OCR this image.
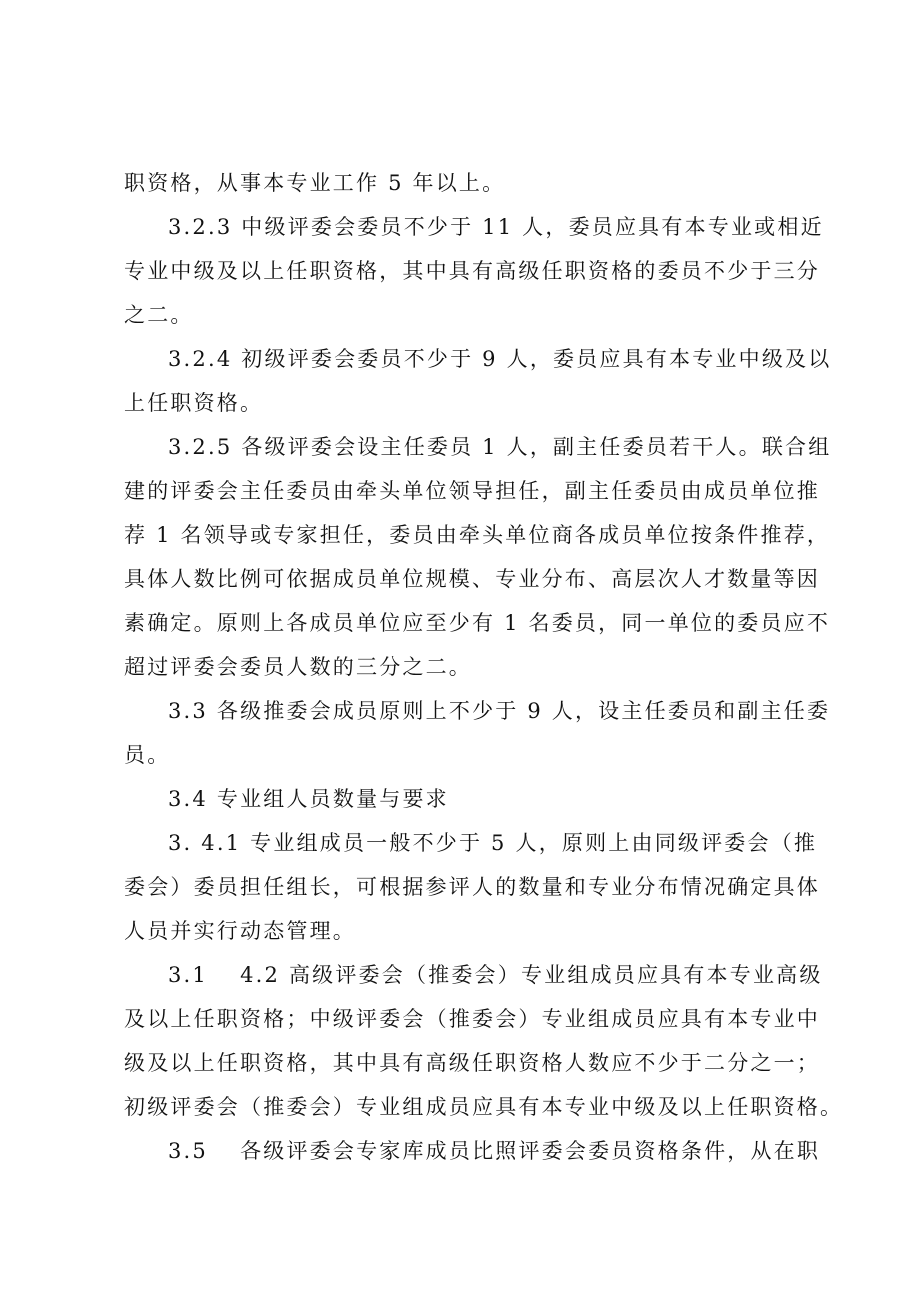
职资格，从事本专业工作 5 年以上。
3.2.3 中级评委会委员不少于 11 人，委员应具有本专业或相近
专业中级及以上任职资格，其中具有高级任职资格的委员不少于三分
之二。
3.2.4 初级评委会委员不少于 9 人，委员应具有本专业中级及以
上任职资格。
3.2.5 各级评委会设主任委员 1 人，副主任委员若干人。联合组
建的评委会主任委员由牵头单位领导担任，副主任委员由成员单位推
荐 1 名领导或专家担任，委员由牵头单位商各成员单位按条件推荐，
具体人数比例可依据成员单位规模、专业分布、高层次人才数量等因
素确定。原则上各成员单位应至少有 1 名委员，同一单位的委员应不
超过评委会委员人数的三分之二。
3.3 各级推委会成员原则上不少于 9 人，设主任委员和副主任委
员。
3.4 专业组人员数量与要求
3. 4.1 专业组成员一般不少于 5 人，原则上由同级评委会（推
委会）委员担任组长，可根据参评人的数量和专业分布情况确定具体
人员并实行动态管理。
3.1　 4.2 高级评委会（推委会）专业组成员应具有本专业高级
及以上任职资格；中级评委会（推委会）专业组成员应具有本专业中
级及以上任职资格，其中具有高级任职资格人数应不少于二分之一；
初级评委会（推委会）专业组成员应具有本专业中级及以上任职资格。
3.5　 各级评委会专家库成员比照评委会委员资格条件，从在职
